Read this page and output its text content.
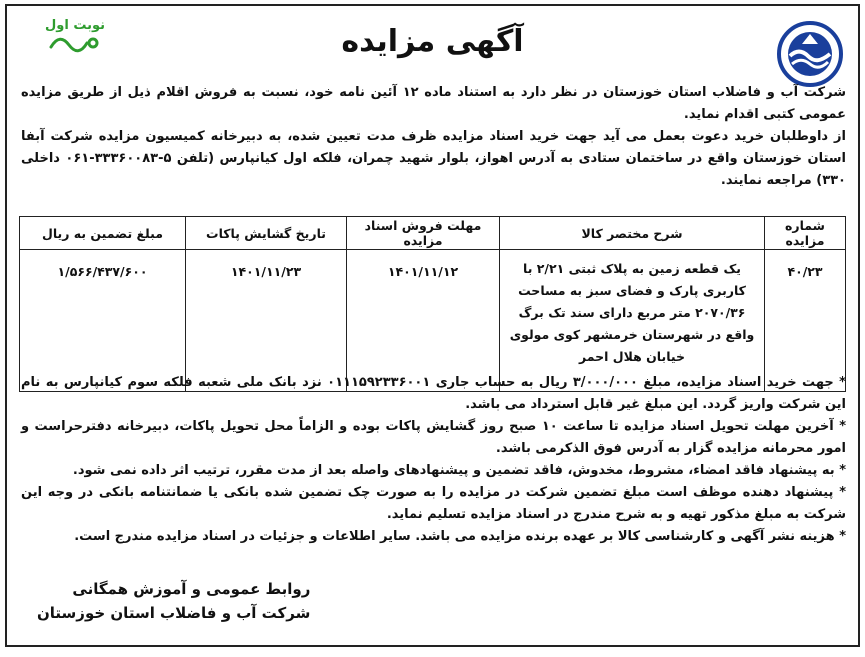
نوبت اول	آگهی مزایده

شرکت آب و فاضلاب استان خوزستان در نظر دارد به استناد ماده ۱۲ آئین نامه خود، نسبت به فروش اقلام ذیل از طریق مزایده عمومی کتبی اقدام نماید.

از داوطلبان خرید دعوت بعمل می آید جهت خرید اسناد مزایده ظرف مدت تعیین شده، به دبیرخانه کمیسیون مزایده شرکت آبفا استان خوزستان واقع در ساختمان ستادی به آدرس اهواز، بلوار شهید چمران، فلکه اول کیانپارس (تلفن ۵-۳۳۳۶۰۰۸۳-۰۶۱ داخلی ۳۳۰) مراجعه نمایند.

شماره مزایده	شرح مختصر کالا	مهلت فروش اسناد مزایده	تاریخ گشایش پاکات	مبلغ تضمین به ریال
۴۰/۲۳	یک قطعه زمین به پلاک ثبتی ۲/۲۱ با کاربری پارک و فضای سبز به مساحت ۲۰۷۰/۳۶ متر مربع دارای سند تک برگ واقع در شهرستان خرمشهر کوی مولوی خیابان هلال احمر	۱۴۰۱/۱۱/۱۲	۱۴۰۱/۱۱/۲۳	۱/۵۶۶/۴۳۷/۶۰۰

* جهت خرید اسناد مزایده، مبلغ ۳/۰۰۰/۰۰۰ ریال به حساب جاری ۰۱۱۱۵۹۲۳۳۶۰۰۱ نزد بانک ملی شعبه فلکه سوم کیانپارس به نام این شرکت واریز گردد. این مبلغ غیر قابل استرداد می باشد.

* آخرین مهلت تحویل اسناد مزایده تا ساعت ۱۰ صبح روز گشایش پاکات بوده و الزاماً محل تحویل پاکات، دبیرخانه دفترحراست و امور محرمانه مزایده گزار به آدرس فوق الذکرمی باشد.

* به پیشنهاد فاقد امضاء، مشروط، مخدوش، فاقد تضمین و پیشنهادهای واصله بعد از مدت مقرر، ترتیب اثر داده نمی شود.

* پیشنهاد دهنده موظف است مبلغ تضمین شرکت در مزایده را به صورت چک تضمین شده بانکی یا ضمانتنامه بانکی در وجه این شرکت به مبلغ مذکور تهیه و به شرح مندرج در اسناد مزایده تسلیم نماید.

* هزینه نشر آگهی و کارشناسی کالا بر عهده برنده مزایده می باشد. سایر اطلاعات و جزئیات در اسناد مزایده مندرج است.

روابط عمومی و آموزش همگانی
شرکت آب و فاضلاب استان خوزستان
